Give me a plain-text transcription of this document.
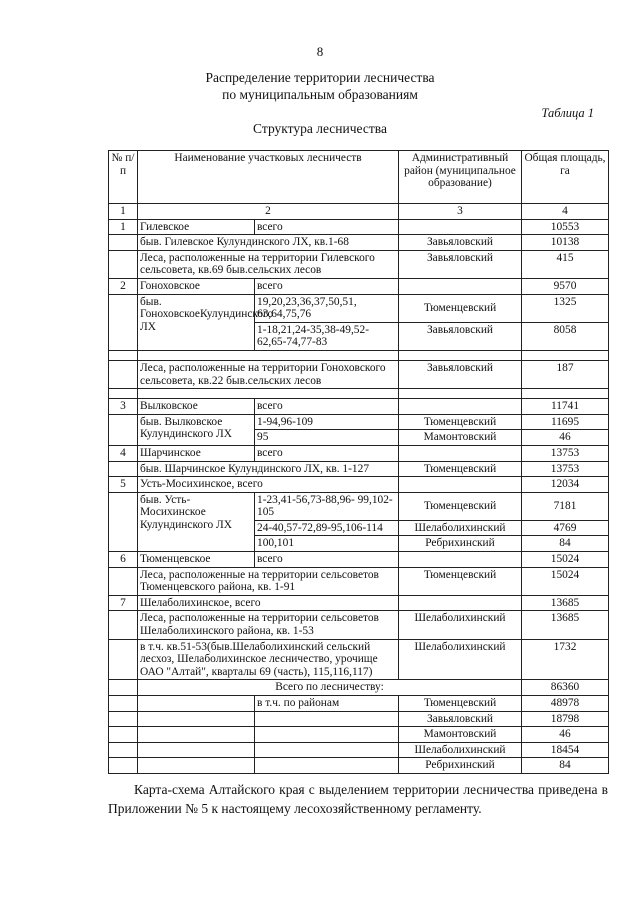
8
Распределение территории лесничества
по муниципальным образованиям
Таблица 1
Структура лесничества
№ п/п	Наименование участковых лесничеств		Административный район (муниципальное образование)	Общая площадь, га
1	2		3	4
1	Гилевское	всего		10553
	быв. Гилевское Кулундинского ЛХ, кв.1-68		Завьяловский	10138
	Леса, расположенные на территории Гилевского сельсовета, кв.69 быв.сельских лесов		Завьяловский	415
2	Гоноховское	всего		9570
	быв. ГоноховскоеКулундинского ЛХ	19,20,23,36,37,50,51, 63,64,75,76	Тюменцевский	1325
		1-18,21,24-35,38-49,52- 62,65-74,77-83	Завьяловский	8058

	Леса, расположенные на территории Гоноховского сельсовета, кв.22 быв.сельских лесов		Завьяловский	187

3	Вылковское	всего		11741
	быв. Вылковское Кулундинского ЛХ	1-94,96-109	Тюменцевский	11695
		95	Мамонтовский	46
4	Шарчинское	всего		13753
	быв. Шарчинское Кулундинского ЛХ, кв. 1-127		Тюменцевский	13753
5	Усть-Мосихинское, всего			12034
	быв. Усть-Мосихинское Кулундинского ЛХ	1-23,41-56,73-88,96- 99,102-105	Тюменцевский	7181
		24-40,57-72,89-95,106-114	Шелаболихинский	4769
		100,101	Ребрихинский	84
6	Тюменцевское	всего		15024
	Леса, расположенные на территории сельсоветов Тюменцевского района, кв. 1-91		Тюменцевский	15024
7	Шелаболихинское, всего			13685
	Леса, расположенные на территории сельсоветов Шелаболихинского района, кв. 1-53		Шелаболихинский	13685
	в т.ч. кв.51-53(быв.Шелаболихинский сельский лесхоз, Шелаболихинское лесничество, урочище ОАО "Алтай", кварталы 69 (часть), 115,116,117)		Шелаболихинский	1732
	Всего по лесничеству:			86360
		в т.ч. по районам	Тюменцевский	48978
			Завьяловский	18798
			Мамонтовский	46
			Шелаболихинский	18454
			Ребрихинский	84
Карта-схема Алтайского края с выделением территории лесничества приведена в Приложении № 5 к настоящему лесохозяйственному регламенту.
